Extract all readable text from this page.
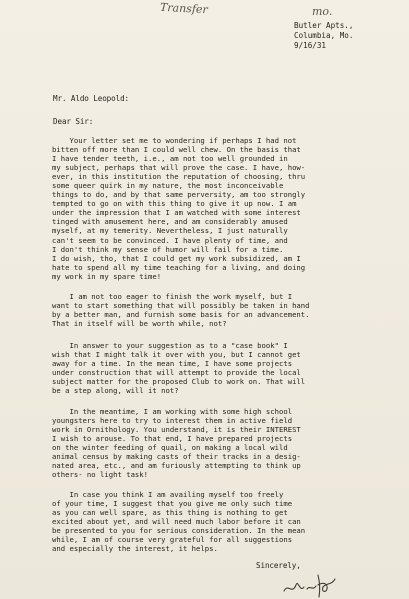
Transfer	mo.
Butler Apts.,
Columbia, Mo.
9/16/31
Mr. Aldo Leopold:
Dear Sir:
Your letter set me to wondering if perhaps I had not
bitten off more than I could well chew. On the basis that
I have tender teeth, i.e., am not too well grounded in
my subject, perhaps that will prove the case. I have, how-
ever, in this institution the reputation of choosing, thru
some queer quirk in my nature, the most inconceivable
things to do, and by that same perversity, am too strongly
tempted to go on with this thing to give it up now. I am
under the impression that I am watched with some interest
tinged with amusement here, and am considerably amused
myself, at my temerity. Nevertheless, I just naturally
can't seem to be convinced. I have plenty of time, and
I don't think my sense of humor will fail for a time.
I do wish, tho, that I could get my work subsidized, am I
hate to spend all my time teaching for a living, and doing
my work in my spare time!
I am not too eager to finish the work myself, but I
want to start something that will possibly be taken in hand
by a better man, and furnish some basis for an advancement.
That in itself will be worth while, not?
In answer to your suggestion as to a "case book" I
wish that I might talk it over with you, but I cannot get
away for a time. In the mean time, I have some projects
under construction that will attempt to provide the local
subject matter for the proposed Club to work on. That will
be a step along, will it not?
In the meantime, I am working with some high school
youngsters here to try to interest them in active field
work in Ornithology. You understand, it is their INTEREST
I wish to arouse. To that end, I have prepared projects
on the winter feeding of quail, on making a local wild
animal census by making casts of their tracks in a desig-
nated area, etc., and am furiously attempting to think up
others- no light task!
In case you think I am availing myself too freely
of your time, I suggest that you give me only such time
as you can well spare, as this thing is nothing to get
excited about yet, and will need much labor before it can
be presented to you for serious consideration. In the mean
while, I am of course very grateful for all suggestions
and especially the interest, it helps.
Sincerely,
